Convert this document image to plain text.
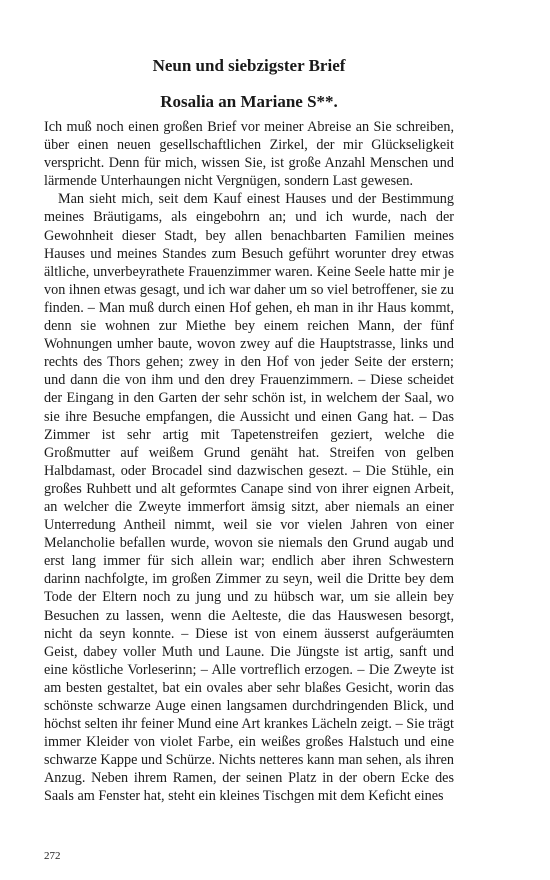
Neun und siebzigster Brief
Rosalia an Mariane S**.

Ich muß noch einen großen Brief vor meiner Abreise an Sie schreiben, über einen neuen gesellschaftlichen Zirkel, der mir Glückseligkeit verspricht. Denn für mich, wissen Sie, ist große Anzahl Menschen und lärmende Unterhaungen nicht Vergnügen, sondern Last gewesen.

Man sieht mich, seit dem Kauf einest Hauses und der Bestimmung meines Bräutigams, als eingebohrn an; und ich wurde, nach der Gewohnheit dieser Stadt, bey allen benachbarten Familien meines Hauses und meines Standes zum Besuch geführt worunter drey etwas ältliche, unverbeyrathete Frauenzimmer waren. Keine Seele hatte mir je von ihnen etwas gesagt, und ich war daher um so viel betroffener, sie zu finden. – Man muß durch einen Hof gehen, eh man in ihr Haus kommt, denn sie wohnen zur Miethe bey einem reichen Mann, der fünf Wohnungen umher baute, wovon zwey auf die Hauptstrasse, links und rechts des Thors gehen; zwey in den Hof von jeder Seite der erstern; und dann die von ihm und den drey Frauenzimmern. – Diese scheidet der Eingang in den Garten der sehr schön ist, in welchem der Saal, wo sie ihre Besuche empfangen, die Aussicht und einen Gang hat. – Das Zimmer ist sehr artig mit Tapetenstreifen geziert, welche die Großmutter auf weißem Grund genäht hat. Streifen von gelben Halbdamast, oder Brocadel sind dazwischen gesezt. – Die Stühle, ein großes Ruhbett und alt geformtes Canape sind von ihrer eignen Arbeit, an welcher die Zweyte immerfort ämsig sitzt, aber niemals an einer Unterredung Antheil nimmt, weil sie vor vielen Jahren von einer Melancholie befallen wurde, wovon sie niemals den Grund augab und erst lang immer für sich allein war; endlich aber ihren Schwestern darinn nachfolgte, im großen Zimmer zu seyn, weil die Dritte bey dem Tode der Eltern noch zu jung und zu hübsch war, um sie allein bey Besuchen zu lassen, wenn die Aelteste, die das Hauswesen besorgt, nicht da seyn konnte. – Diese ist von einem äusserst aufgeräumten Geist, dabey voller Muth und Laune. Die Jüngste ist artig, sanft und eine köstliche Vorleserinn; – Alle vortreflich erzogen. – Die Zweyte ist am besten gestaltet, bat ein ovales aber sehr blaßes Gesicht, worin das schönste schwarze Auge einen langsamen durchdringenden Blick, und höchst selten ihr feiner Mund eine Art krankes Lächeln zeigt. – Sie trägt immer Kleider von violet Farbe, ein weißes großes Halstuch und eine schwarze Kappe und Schürze. Nichts netteres kann man sehen, als ihren Anzug. Neben ihrem Ramen, der seinen Platz in der obern Ecke des Saals am Fenster hat, steht ein kleines Tischgen mit dem Keficht eines

272
